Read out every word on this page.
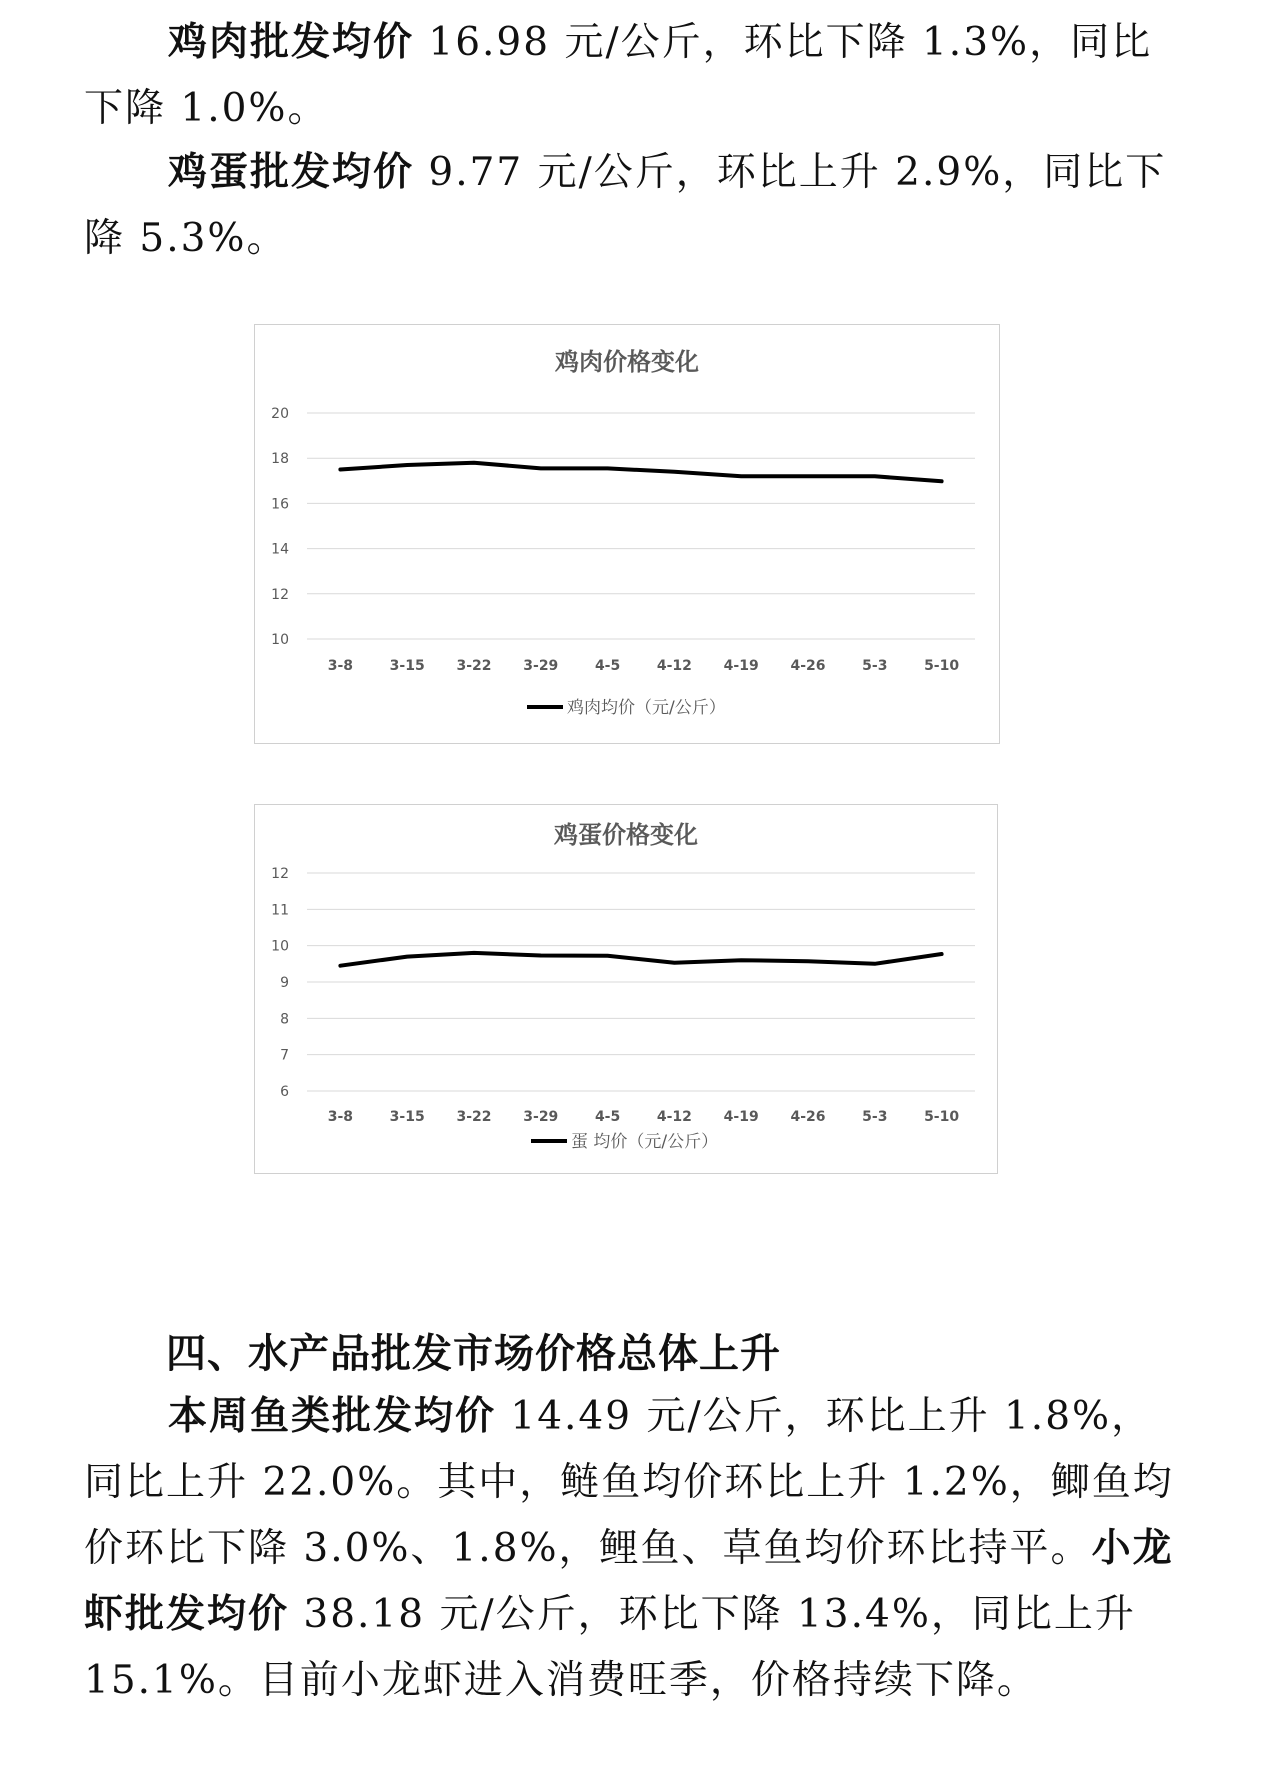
鸡肉批发均价 16.98 元/公斤，环比下降 1.3%，同比下降 1.0%。

鸡蛋批发均价 9.77 元/公斤，环比上升 2.9%，同比下降 5.3%。

鸡肉价格变化
10
12
14
16
18
20
3-8	3-15 3-22 3-29	4-5	4-12 4-19 4-26	5-3	5-10
鸡肉均价（元/公斤）
鸡蛋价格变化
6
7
8
9
10
11
12
3-8	3-15 3-22 3-29	4-5	4-12 4-19 4-26	5-3	5-10
蛋 均价（元/公斤）
四、水产品批发市场价格总体上升

本周鱼类批发均价 14.49 元/公斤，环比上升 1.8%，同比上升 22.0%。其中，鲢鱼均价环比上升 1.2%，鲫鱼均价环比下降 3.0%、1.8%，鲤鱼、草鱼均价环比持平。小龙虾批发均价 38.18 元/公斤，环比下降 13.4%，同比上升 15.1%。目前小龙虾进入消费旺季，价格持续下降。
